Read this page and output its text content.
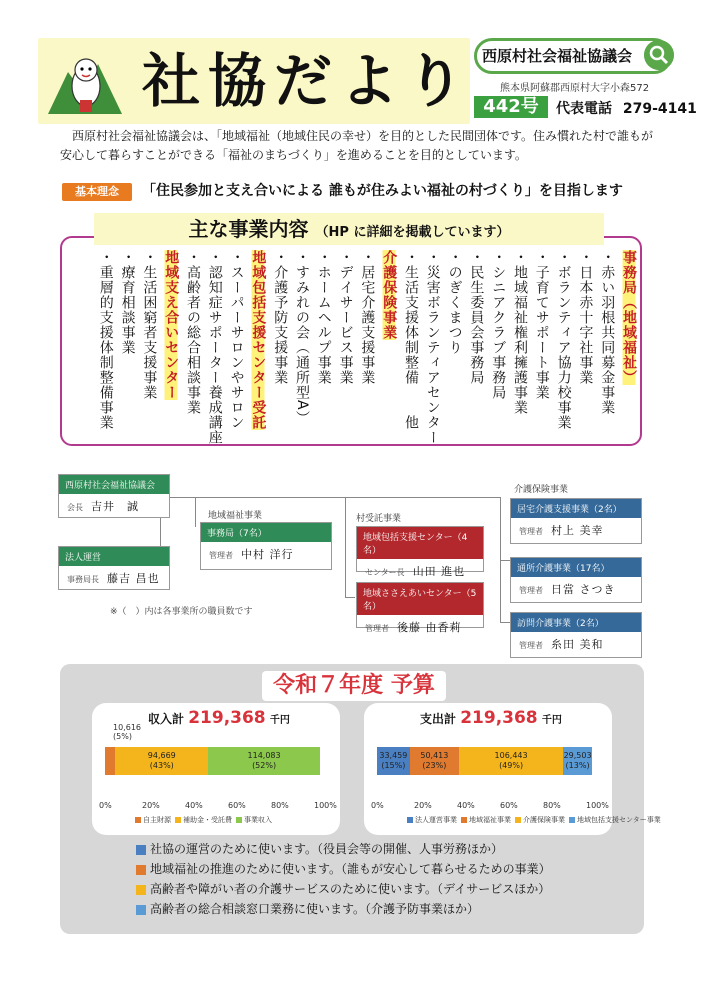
社協だより 西原村社会福祉協議会
熊本県阿蘇郡西原村大字小森572
442号	代表電話 279-4141
西原村社会福祉協議会は、「地域福祉（地域住民の幸せ）を目的とした民間団体です。住み慣れた村で誰もが安心して暮らすことができる「福祉のまちづくり」を進めることを目的としています。
基本理念	「住民参加と支え合いによる 誰もが住みよい福祉の村づくり」を目指します
主な事業内容 （HP に詳細を掲載しています）
事務局（地域福祉）
・ 赤い羽根共同募金事業
・ 日本赤十字社事業
・ ボランティア協力校事業
・ 子育てサポート事業
・ 地域福祉権利擁護事業
・ シニアクラブ事務局
・ 民生委員会事務局
・ のぎくまつり
・ 災害ボランティアセンター
・ 生活支援体制整備　　他
介護保険事業
・ 居宅介護支援事業
・ デイサービス事業
・ ホームヘルプ事業
・ すみれの会（通所型A）
・ 介護予防支援事業
地域包括支援センター受託
・ スーパーサロンやサロン
・ 認知症サポーター養成講座
・ 高齢者の総合相談事業
地域支え合いセンター
・ 生活困窮者支援事業
・ 療育相談事業
・ 重層的支援体制整備事業
西原村社会福祉協議会
会長 吉井　誠
法人運営
事務局長 藤吉 昌也
地域福祉事業
事務局（7名）
管理者 中村 洋行
村受託事業
地域包括支援センター（4名）
センター長 山田 進也
地域ささえあいセンター（5名）
管理者 後藤 由香莉
介護保険事業
居宅介護支援事業（2名）
管理者 村上 美幸
通所介護事業（17名）
管理者 日當 さつき
訪問介護事業（2名）
管理者 糸田 美和
※（　）内は各事業所の職員数です
令和７年度 予算
収入計 219,368 千円
10,616
(5%)
94,669
(43%)
114,083
(52%)
0%	20%	40%	60%	80%	100%
自主財源	補助金・受託費	事業収入
支出計 219,368 千円
33,459
(15%)
50,413
(23%)
106,443
(49%)
29,503
(13%)
0%	20%	40%	60%	80%	100%
法人運営事業	地域福祉事業	介護保険事業	地域包括支援センター事業
社協の運営のために使います。（役員会等の開催、人事労務ほか）
地域福祉の推進のために使います。（誰もが安心して暮らせるための事業）
高齢者や障がい者の介護サービスのために使います。（デイサービスほか）
高齢者の総合相談窓口業務に使います。（介護予防事業ほか）
